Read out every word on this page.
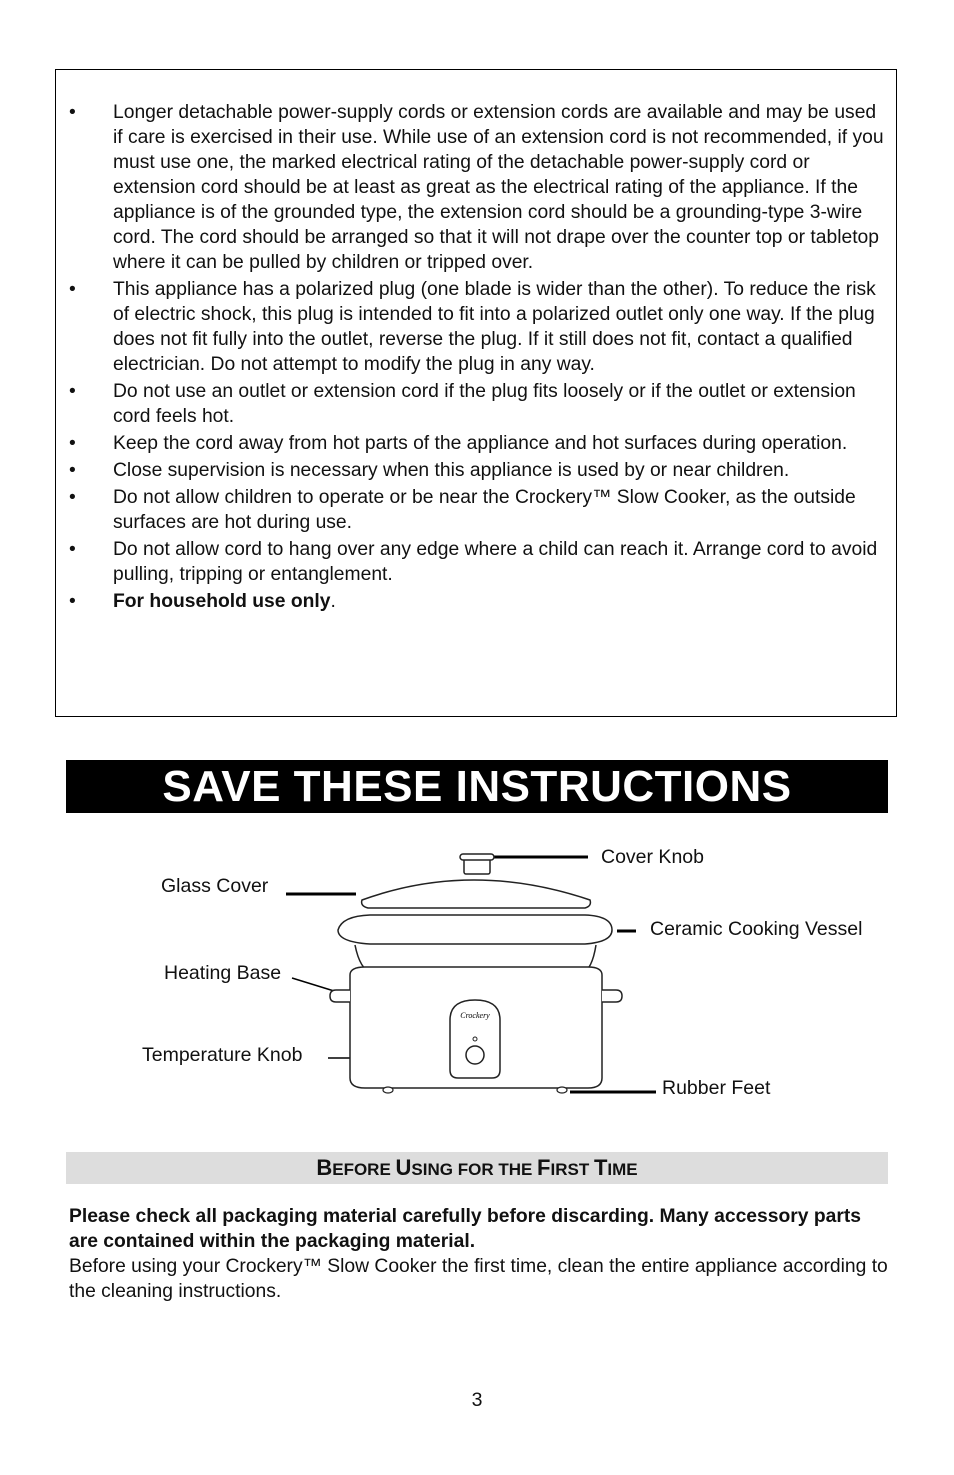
• Longer detachable power-supply cords or extension cords are available and may be used if care is exercised in their use. While use of an extension cord is not recommended, if you must use one, the marked electrical rating of the detachable power-supply cord or extension cord should be at least as great as the electrical rating of the appliance. If the appliance is of the grounded type, the extension cord should be a grounding-type 3-wire cord. The cord should be arranged so that it will not drape over the counter top or tabletop where it can be pulled by children or tripped over.
• This appliance has a polarized plug (one blade is wider than the other). To reduce the risk of electric shock, this plug is intended to fit into a polarized outlet only one way. If the plug does not fit fully into the outlet, reverse the plug. If it still does not fit, contact a qualified electrician. Do not attempt to modify the plug in any way.
• Do not use an outlet or extension cord if the plug fits loosely or if the outlet or extension cord feels hot.
• Keep the cord away from hot parts of the appliance and hot surfaces during operation.
• Close supervision is necessary when this appliance is used by or near children.
• Do not allow children to operate or be near the Crockery™ Slow Cooker, as the outside surfaces are hot during use.
• Do not allow cord to hang over any edge where a child can reach it. Arrange cord to avoid pulling, tripping or entanglement.
• For household use only.
SAVE THESE INSTRUCTIONS
Crockery
Cover Knob
Glass Cover
Ceramic Cooking Vessel
Heating Base
Temperature Knob
Rubber Feet
BEFORE USING FOR THE FIRST TIME
Please check all packaging material carefully before discarding. Many accessory parts are contained within the packaging material.
Before using your Crockery™ Slow Cooker the first time, clean the entire appliance according to the cleaning instructions.
3
